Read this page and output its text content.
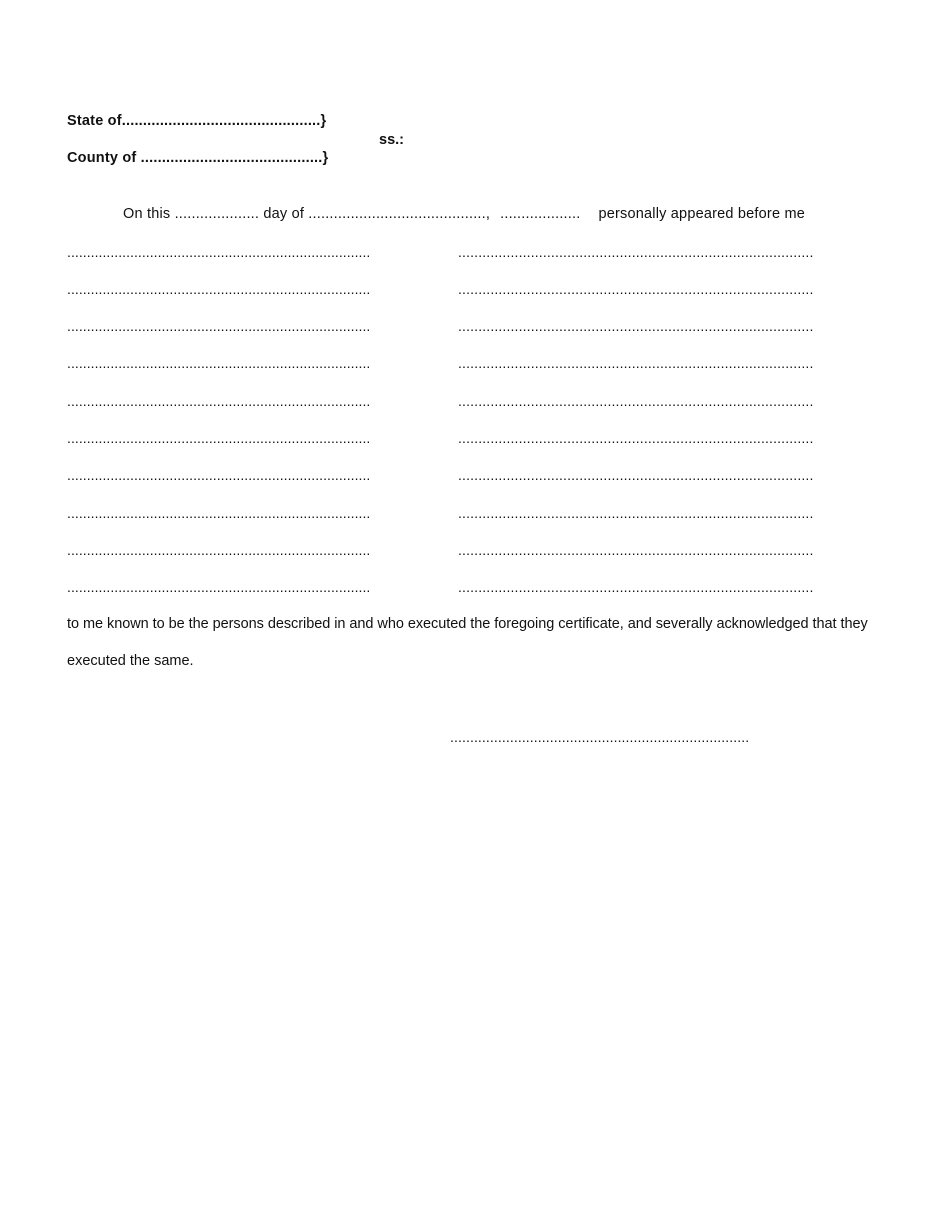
State of...............................................}
ss.:
County of ...........................................}
On this .................... day of .........................................., ................... personally appeared before me
.............................................................................	........................................................................................
.............................................................................	........................................................................................
.............................................................................	........................................................................................
.............................................................................	........................................................................................
.............................................................................	........................................................................................
.............................................................................	........................................................................................
.............................................................................	........................................................................................
.............................................................................	........................................................................................
.............................................................................	........................................................................................
.............................................................................	........................................................................................
to me known to be the persons described in and who executed the foregoing certificate, and severally acknowledged that they
executed the same.
...........................................................................
